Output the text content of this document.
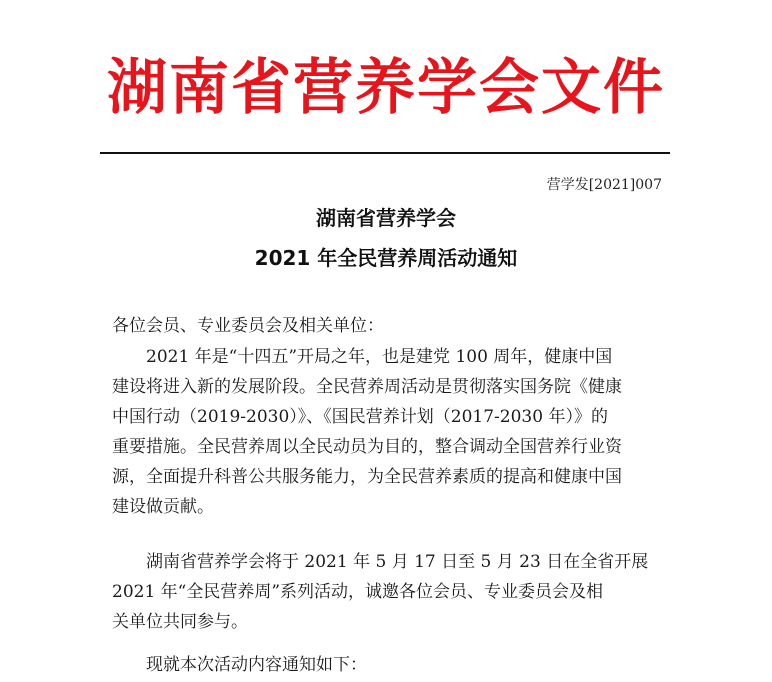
湖南省营养学会文件
营学发[2021]007
湖南省营养学会
2021 年全民营养周活动通知
各位会员、专业委员会及相关单位：
2021 年是“十四五”开局之年，也是建党 100 周年，健康中国
建设将进入新的发展阶段。全民营养周活动是贯彻落实国务院《健康
中国行动（2019-2030）》、《国民营养计划（2017-2030 年）》的
重要措施。全民营养周以全民动员为目的，整合调动全国营养行业资
源，全面提升科普公共服务能力，为全民营养素质的提高和健康中国
建设做贡献。
湖南省营养学会将于 2021 年 5 月 17 日至 5 月 23 日在全省开展
2021 年“全民营养周”系列活动，诚邀各位会员、专业委员会及相
关单位共同参与。
现就本次活动内容通知如下：
